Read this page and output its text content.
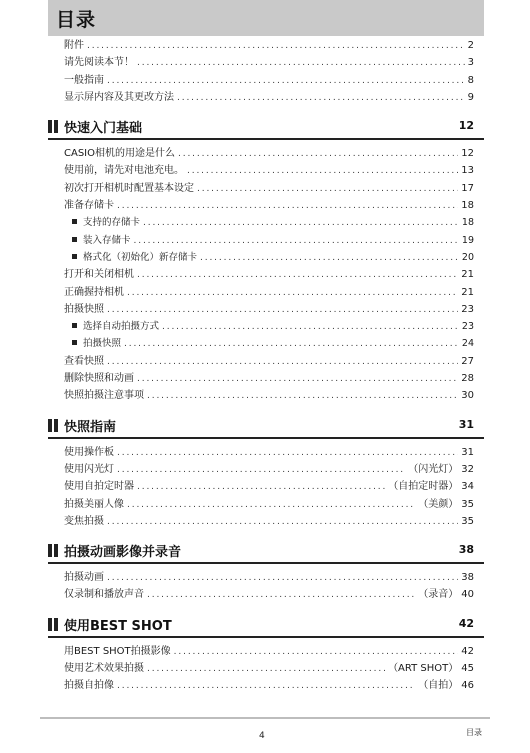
目录
附件 . . .	2
请先阅读本节！ . . .	3
一般指南 . . .	8
显示屏内容及其更改方法 . . .	9
快速入门基础	12
CASIO相机的用途是什么 . . .	12
使用前，请先对电池充电。 . . .	13
初次打开相机时配置基本设定 . . .	17
准备存储卡 . . .	18
支持的存储卡 . . .	18
装入存储卡 . . .	19
格式化（初始化）新存储卡 . . .	20
打开和关闭相机 . . .	21
正确握持相机 . . .	21
拍摄快照 . . .	23
选择自动拍摄方式 . . .	23
拍摄快照 . . .	24
查看快照 . . .	27
删除快照和动画 . . .	28
快照拍摄注意事项 . . .	30
快照指南	31
使用操作板 . . .	31
使用闪光灯 . . .	（闪光灯） 32
使用自拍定时器 . . .	（自拍定时器） 34
拍摄美丽人像 . . .	（美颜） 35
变焦拍摄 . . .	35
拍摄动画影像并录音	38
拍摄动画 . . .	38
仅录制和播放声音 . . .	（录音） 40
使用BEST SHOT	42
用BEST SHOT拍摄影像 . . .	42
使用艺术效果拍摄 . . .	（ART SHOT） 45
拍摄自拍像 . . .	（自拍） 46
4	目录
